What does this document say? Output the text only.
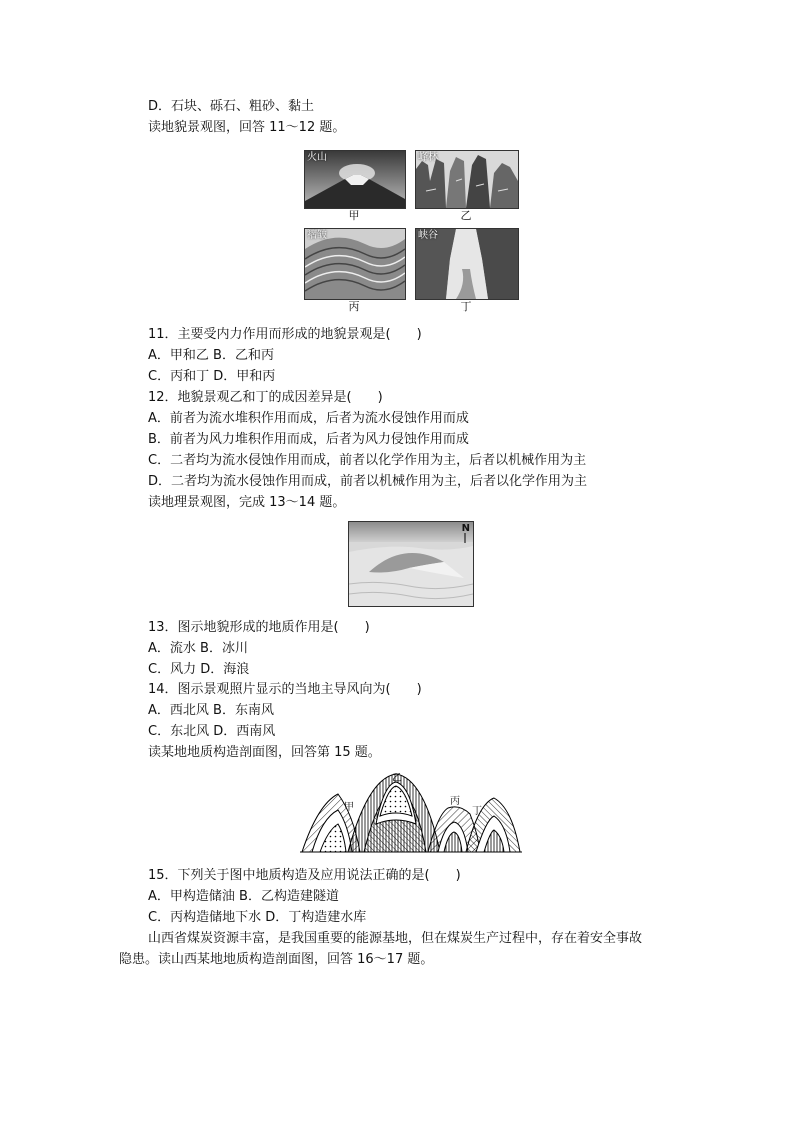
D．石块、砾石、粗砂、黏土
读地貌景观图，回答 11～12 题。
火山
甲
峰林
乙
褶皱
丙
峡谷
丁
11．主要受内力作用而形成的地貌景观是(　　)
A．甲和乙 B．乙和丙
C．丙和丁 D．甲和丙
12．地貌景观乙和丁的成因差异是(　　)
A．前者为流水堆积作用而成，后者为流水侵蚀作用而成
B．前者为风力堆积作用而成，后者为风力侵蚀作用而成
C．二者均为流水侵蚀作用而成，前者以化学作用为主，后者以机械作用为主
D．二者均为流水侵蚀作用而成，前者以机械作用为主，后者以化学作用为主
读地理景观图，完成 13～14 题。
N
13．图示地貌形成的地质作用是(　　)
A．流水 B．冰川
C．风力 D．海浪
14．图示景观照片显示的当地主导风向为(　　)
A．西北风 B．东南风
C．东北风 D．西南风
读某地地质构造剖面图，回答第 15 题。
甲
乙
丙
丁
15．下列关于图中地质构造及应用说法正确的是(　　)
A．甲构造储油 B．乙构造建隧道
C．丙构造储地下水 D．丁构造建水库
山西省煤炭资源丰富，是我国重要的能源基地，但在煤炭生产过程中，存在着安全事故
隐患。读山西某地地质构造剖面图，回答 16～17 题。
